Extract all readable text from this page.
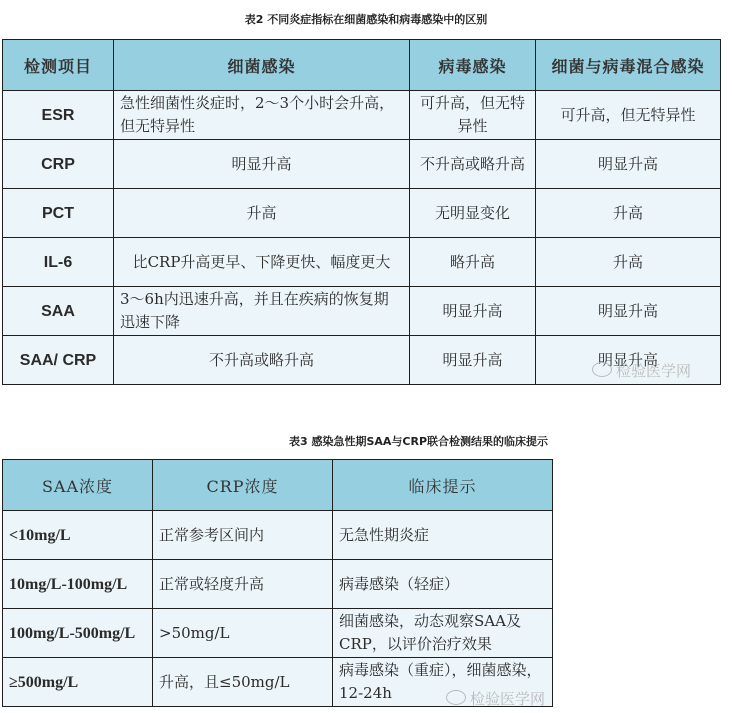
表2 不同炎症指标在细菌感染和病毒感染中的区别
检测项目	细菌感染	病毒感染	细菌与病毒混合感染
ESR	急性细菌性炎症时，2～3个小时会升高，但无特异性	可升高，但无特异性	可升高，但无特异性
CRP	明显升高	不升高或略升高	明显升高
PCT	升高	无明显变化	升高
IL-6	比CRP升高更早、下降更快、幅度更大	略升高	升高
SAA	3～6h内迅速升高，并且在疾病的恢复期迅速下降	明显升高	明显升高
SAA/ CRP	不升高或略升高	明显升高	明显升高
检验医学网
表3 感染急性期SAA与CRP联合检测结果的临床提示
SAA浓度	CRP浓度	临床提示
<10mg/L	正常参考区间内	无急性期炎症
10mg/L-100mg/L	正常或轻度升高	病毒感染（轻症）
100mg/L-500mg/L	>50mg/L	细菌感染，动态观察SAA及CRP，以评价治疗效果
≥500mg/L	升高，且≤50mg/L	病毒感染（重症），细菌感染，12-24h	检验医学网
